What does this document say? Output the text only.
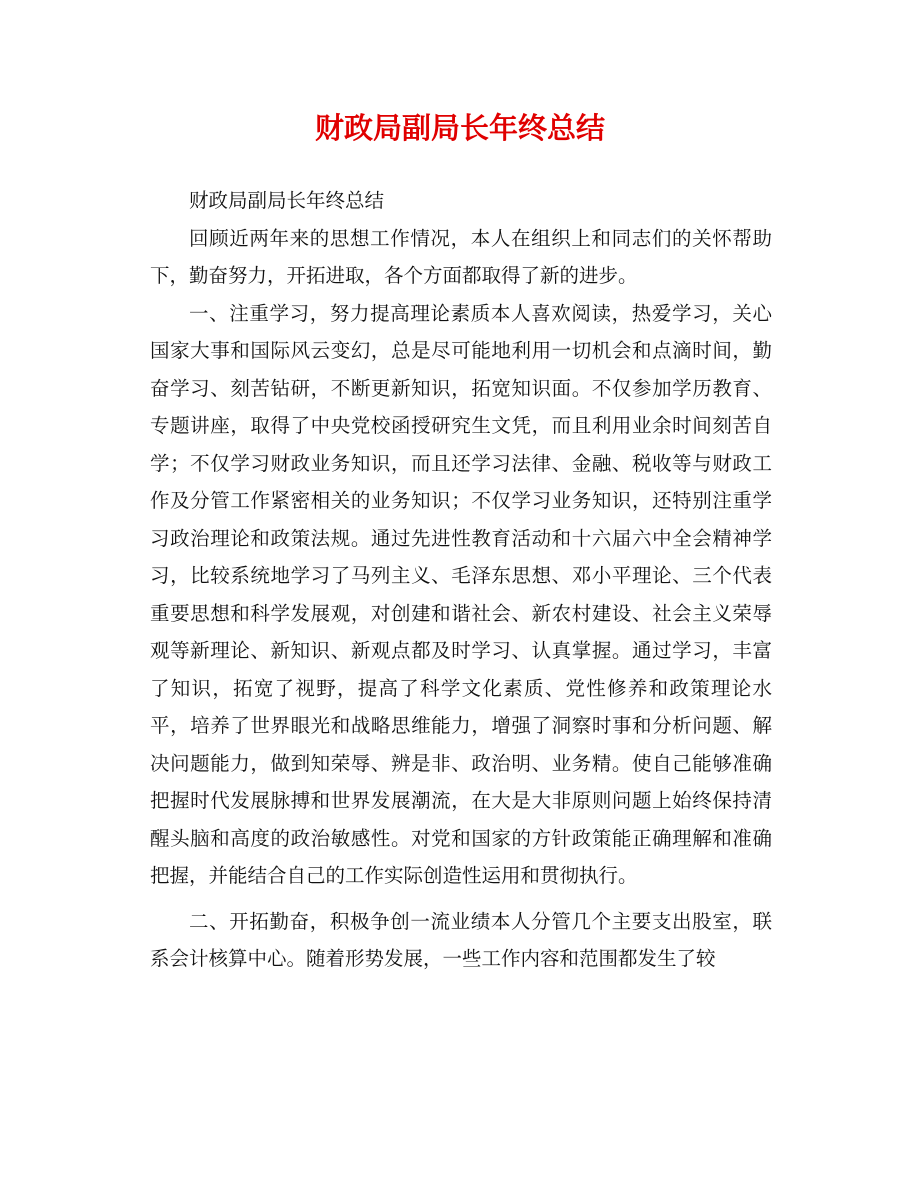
财政局副局长年终总结

财政局副局长年终总结

回顾近两年来的思想工作情况，本人在组织上和同志们的关怀帮助下，勤奋努力，开拓进取，各个方面都取得了新的进步。

一、注重学习，努力提高理论素质本人喜欢阅读，热爱学习，关心国家大事和国际风云变幻，总是尽可能地利用一切机会和点滴时间，勤奋学习、刻苦钻研，不断更新知识，拓宽知识面。不仅参加学历教育、专题讲座，取得了中央党校函授研究生文凭，而且利用业余时间刻苦自学；不仅学习财政业务知识，而且还学习法律、金融、税收等与财政工作及分管工作紧密相关的业务知识；不仅学习业务知识，还特别注重学习政治理论和政策法规。通过先进性教育活动和十六届六中全会精神学习，比较系统地学习了马列主义、毛泽东思想、邓小平理论、三个代表重要思想和科学发展观，对创建和谐社会、新农村建设、社会主义荣辱观等新理论、新知识、新观点都及时学习、认真掌握。通过学习，丰富了知识，拓宽了视野，提高了科学文化素质、党性修养和政策理论水平，培养了世界眼光和战略思维能力，增强了洞察时事和分析问题、解决问题能力，做到知荣辱、辨是非、政治明、业务精。使自己能够准确把握时代发展脉搏和世界发展潮流，在大是大非原则问题上始终保持清醒头脑和高度的政治敏感性。对党和国家的方针政策能正确理解和准确把握，并能结合自己的工作实际创造性运用和贯彻执行。

二、开拓勤奋，积极争创一流业绩本人分管几个主要支出股室，联系会计核算中心。随着形势发展，一些工作内容和范围都发生了较
